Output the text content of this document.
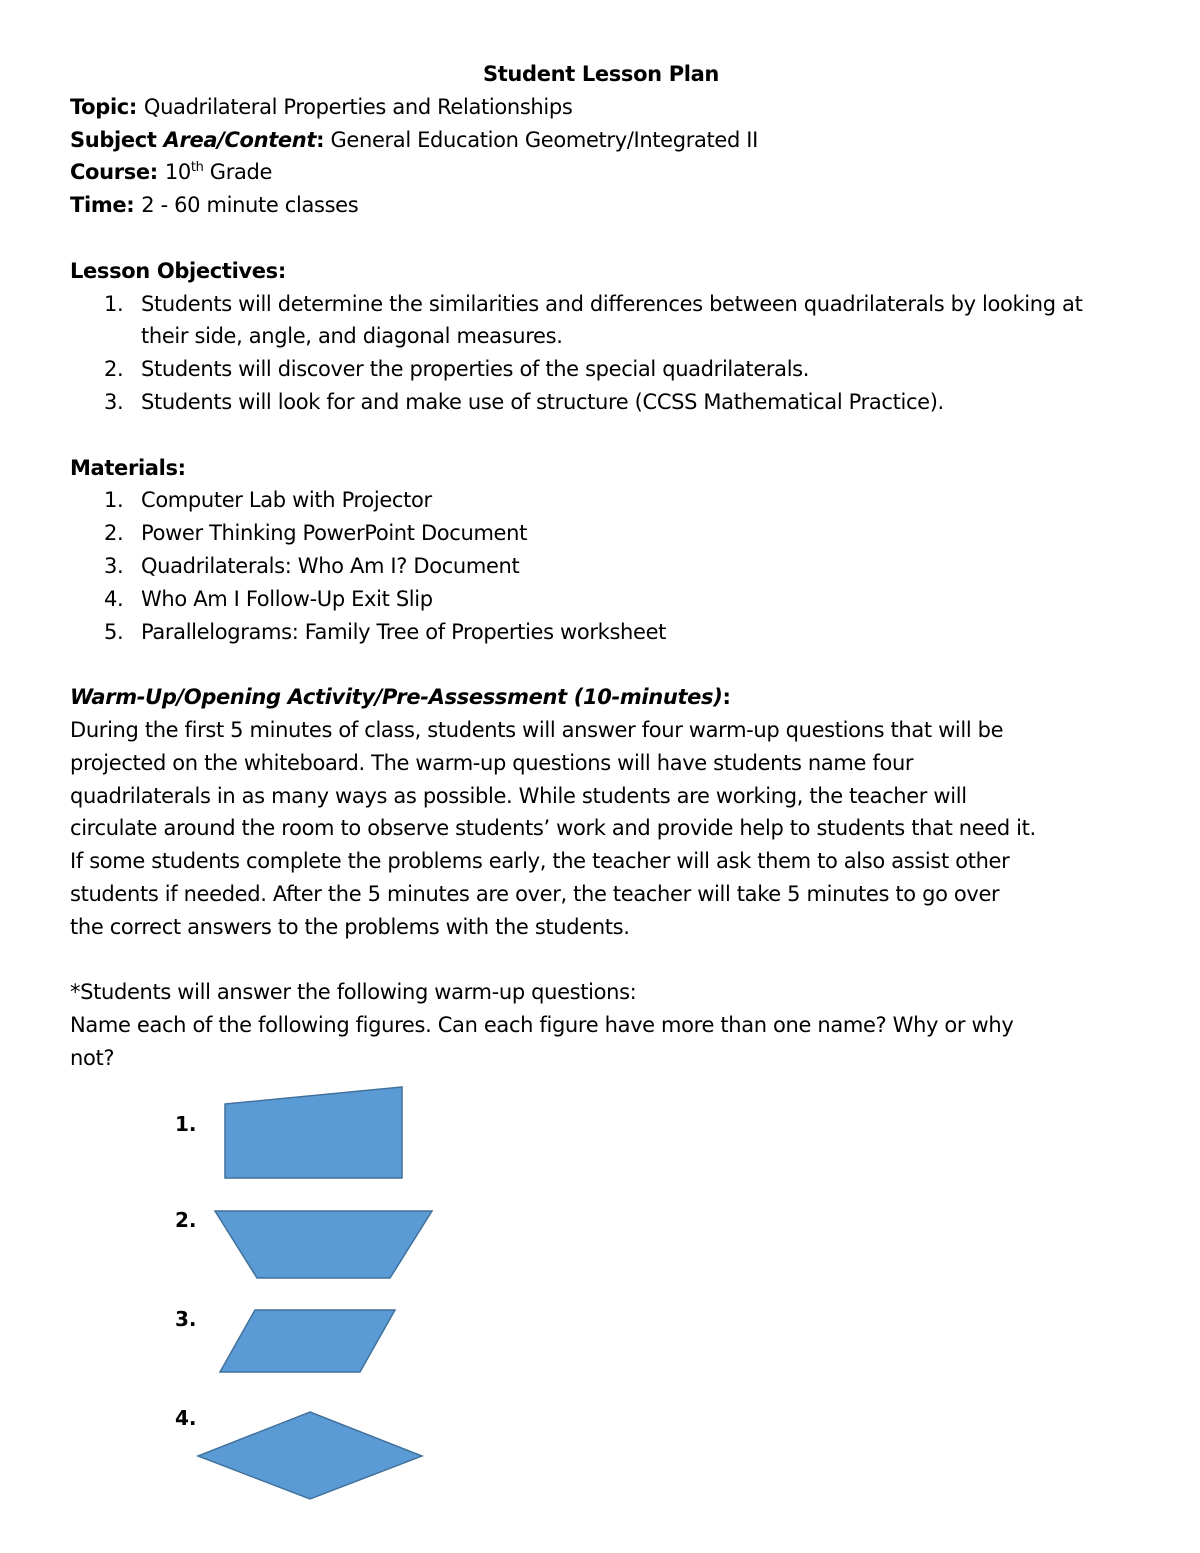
Student Lesson Plan
Topic: Quadrilateral Properties and Relationships
Subject Area/Content: General Education Geometry/Integrated II
Course: 10th Grade
Time: 2 - 60 minute classes
Lesson Objectives:
1. Students will determine the similarities and differences between quadrilaterals by looking at their side, angle, and diagonal measures.
2. Students will discover the properties of the special quadrilaterals.
3. Students will look for and make use of structure (CCSS Mathematical Practice).
Materials:
1. Computer Lab with Projector
2. Power Thinking PowerPoint Document
3. Quadrilaterals: Who Am I? Document
4. Who Am I Follow-Up Exit Slip
5. Parallelograms: Family Tree of Properties worksheet
Warm-Up/Opening Activity/Pre-Assessment (10-minutes):
During the first 5 minutes of class, students will answer four warm-up questions that will be
projected on the whiteboard. The warm-up questions will have students name four
quadrilaterals in as many ways as possible. While students are working, the teacher will
circulate around the room to observe students’ work and provide help to students that need it.
If some students complete the problems early, the teacher will ask them to also assist other
students if needed. After the 5 minutes are over, the teacher will take 5 minutes to go over
the correct answers to the problems with the students.
*Students will answer the following warm-up questions:
Name each of the following figures. Can each figure have more than one name? Why or why
not?
1.
2.
3.
4.
